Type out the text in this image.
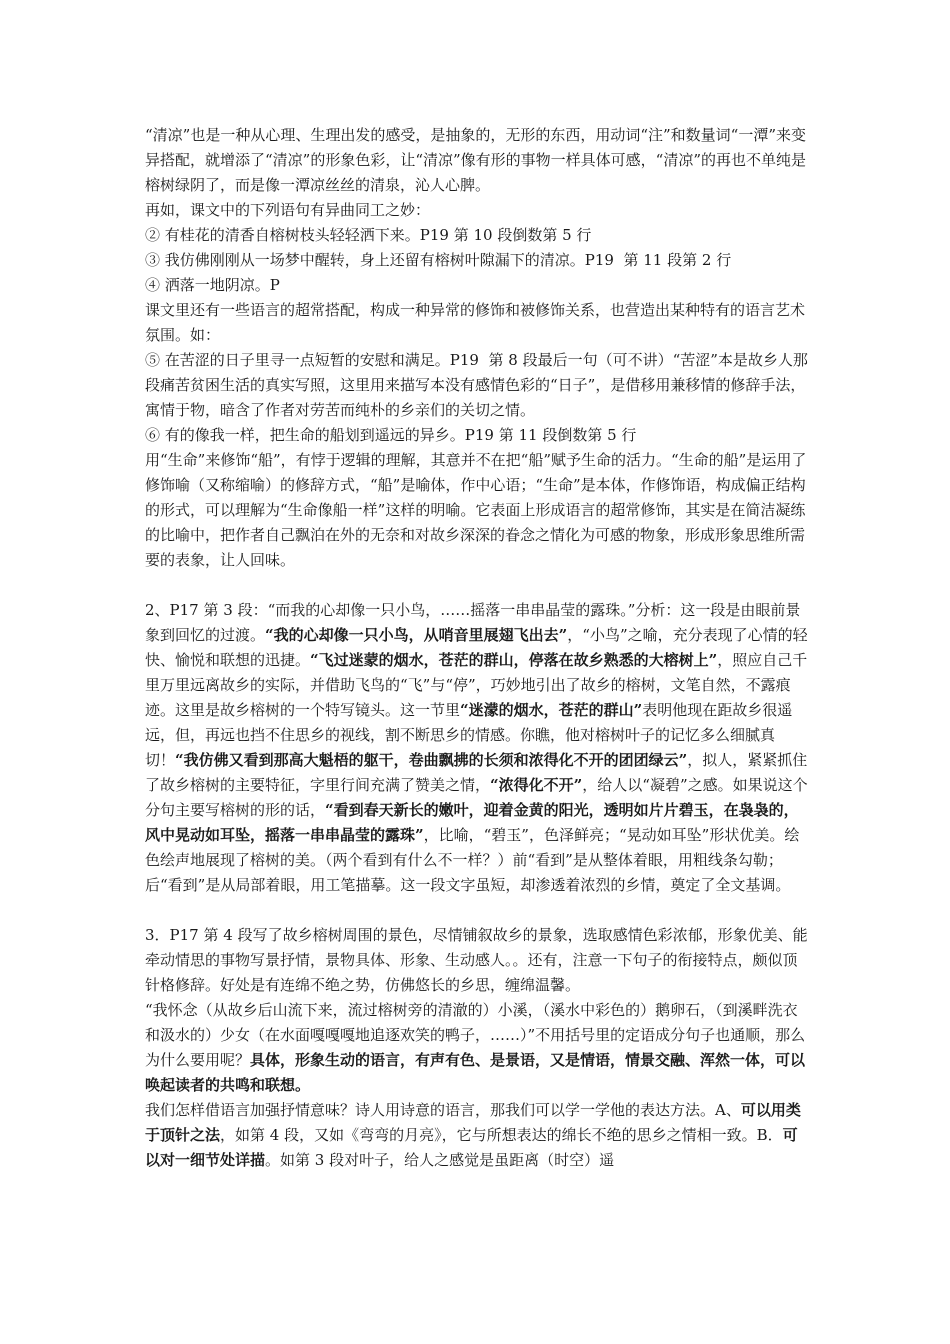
“清凉”也是一种从心理、生理出发的感受，是抽象的，无形的东西，用动词“注”和数量词“一潭”来变异搭配，就增添了“清凉”的形象色彩，让“清凉”像有形的事物一样具体可感，“清凉”的再也不单纯是榕树绿阴了，而是像一潭凉丝丝的清泉，沁人心脾。

再如，课文中的下列语句有异曲同工之妙：

② 有桂花的清香自榕树枝头轻轻洒下来。P19 第 10 段倒数第 5 行

③ 我仿佛刚刚从一场梦中醒转，身上还留有榕树叶隙漏下的清凉。P19  第 11 段第 2 行

④ 洒落一地阴凉。P

课文里还有一些语言的超常搭配，构成一种异常的修饰和被修饰关系，也营造出某种特有的语言艺术氛围。如：

⑤ 在苦涩的日子里寻一点短暂的安慰和满足。P19  第 8 段最后一句（可不讲）“苦涩”本是故乡人那段痛苦贫困生活的真实写照，这里用来描写本没有感情色彩的“日子”，是借移用兼移情的修辞手法，寓情于物，暗含了作者对劳苦而纯朴的乡亲们的关切之情。

⑥ 有的像我一样，把生命的船划到遥远的异乡。P19 第 11 段倒数第 5 行

用“生命”来修饰“船”，有悖于逻辑的理解，其意并不在把“船”赋予生命的活力。“生命的船”是运用了修饰喻（又称缩喻）的修辞方式，“船”是喻体，作中心语；“生命”是本体，作修饰语，构成偏正结构的形式，可以理解为“生命像船一样”这样的明喻。它表面上形成语言的超常修饰，其实是在简洁凝练的比喻中，把作者自己飘泊在外的无奈和对故乡深深的眷念之情化为可感的物象，形成形象思维所需要的表象，让人回味。

2、P17 第 3 段：“而我的心却像一只小鸟，……摇落一串串晶莹的露珠。”分析：这一段是由眼前景象到回忆的过渡。“我的心却像一只小鸟，从哨音里展翅飞出去”，“小鸟”之喻，充分表现了心情的轻快、愉悦和联想的迅捷。“飞过迷蒙的烟水，苍茫的群山，停落在故乡熟悉的大榕树上”，照应自己千里万里远离故乡的实际，并借助飞鸟的“飞”与“停”，巧妙地引出了故乡的榕树，文笔自然，不露痕迹。这里是故乡榕树的一个特写镜头。这一节里“迷濛的烟水，苍茫的群山”表明他现在距故乡很遥远，但，再远也挡不住思乡的视线，割不断思乡的情感。你瞧，他对榕树叶子的记忆多么细腻真切！“我仿佛又看到那高大魁梧的躯干，卷曲飘拂的长须和浓得化不开的团团绿云”，拟人，紧紧抓住了故乡榕树的主要特征，字里行间充满了赞美之情，“浓得化不开”，给人以“凝碧”之感。如果说这个分句主要写榕树的形的话，“看到春天新长的嫩叶，迎着金黄的阳光，透明如片片碧玉，在袅袅的，风中晃动如耳坠，摇落一串串晶莹的露珠”，比喻，“碧玉”，色泽鲜亮；“晃动如耳坠”形状优美。绘色绘声地展现了榕树的美。（两个看到有什么不一样？）前“看到”是从整体着眼，用粗线条勾勒；后“看到”是从局部着眼，用工笔描摹。这一段文字虽短，却渗透着浓烈的乡情，奠定了全文基调。

3．P17 第 4 段写了故乡榕树周围的景色，尽情铺叙故乡的景象，选取感情色彩浓郁，形象优美、能牵动情思的事物写景抒情，景物具体、形象、生动感人。。还有，注意一下句子的衔接特点，颇似顶针格修辞。好处是有连绵不绝之势，仿佛悠长的乡思，缠绵温馨。

“我怀念（从故乡后山流下来，流过榕树旁的清澈的）小溪，（溪水中彩色的）鹅卵石，（到溪畔洗衣和汲水的）少女（在水面嘎嘎嘎地追逐欢笑的鸭子，……）”不用括号里的定语成分句子也通顺，那么为什么要用呢？具体，形象生动的语言，有声有色、是景语，又是情语，情景交融、浑然一体，可以唤起读者的共鸣和联想。

我们怎样借语言加强抒情意味？诗人用诗意的语言，那我们可以学一学他的表达方法。A、可以用类于顶针之法，如第 4 段，又如《弯弯的月亮》，它与所想表达的绵长不绝的思乡之情相一致。B．可以对一细节处详描。如第 3 段对叶子，给人之感觉是虽距离（时空）遥
